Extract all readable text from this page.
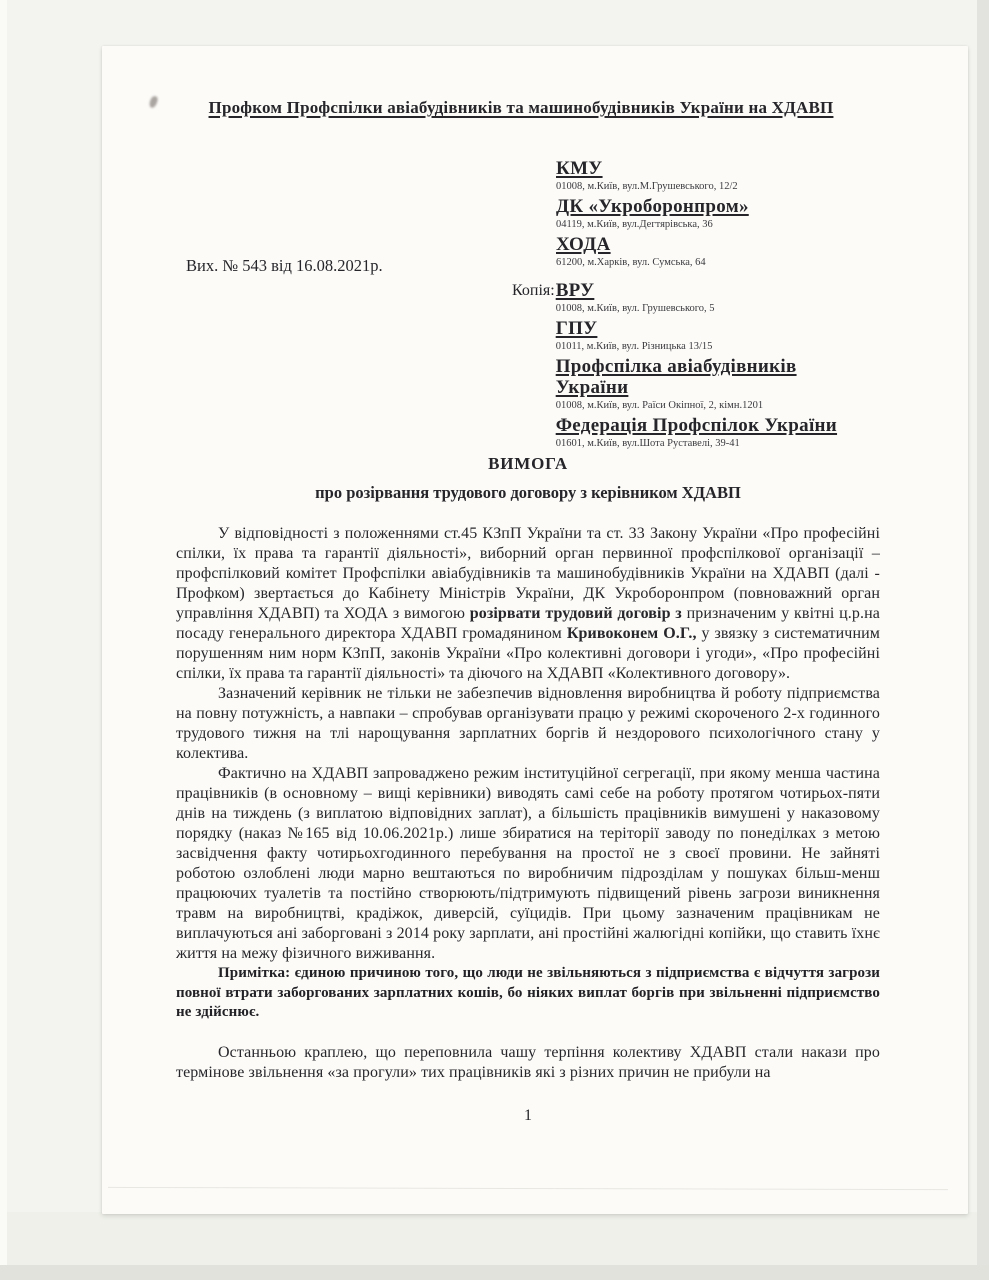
Профком Профспілки авіабудівників та машинобудівників України на ХДАВП
КМУ
01008, м.Київ, вул.М.Грушевського, 12/2
ДК «Укроборонпром»
04119, м.Київ, вул.Дегтярівська, 36
ХОДА
61200, м.Харків, вул. Сумська, 64
Вих. № 543 від 16.08.2021р.
Копія: ВРУ
01008, м.Київ, вул. Грушевського, 5
ГПУ
01011, м.Київ, вул. Різницька 13/15
Профспілка авіабудівників
України
01008, м.Київ, вул. Раїси Окіпної, 2, кімн.1201
Федерація Профспілок України
01601, м.Київ, вул.Шота Руставелі, 39-41
ВИМОГА
про розірвання трудового договору з керівником ХДАВП

У відповідності з положеннями ст.45 КЗпП України та ст. 33 Закону України «Про професійні спілки, їх права та гарантії діяльності», виборний орган первинної профспілкової організації – профспілковий комітет Профспілки авіабудівників та машинобудівників України на ХДАВП (далі - Профком) звертається до Кабінету Міністрів України, ДК Укроборонпром (повноважний орган управління ХДАВП) та ХОДА з вимогою розірвати трудовий договір з призначеним у квітні ц.р.на посаду генерального директора ХДАВП громадянином Кривоконем О.Г., у звязку з систематичним порушенням ним норм КЗпП, законів України «Про колективні договори і угоди», «Про професійні спілки, їх права та гарантії діяльності» та діючого на ХДАВП «Колективного договору».

Зазначений керівник не тільки не забезпечив відновлення виробництва й роботу підприємства на повну потужність, а навпаки – спробував організувати працю у режимі скороченого 2-х годинного трудового тижня на тлі нарощування зарплатних боргів й нездорового психологічного стану у колектива.

Фактично на ХДАВП запроваджено режим інституційної сегрегації, при якому менша частина працівників (в основному – вищі керівники) виводять самі себе на роботу протягом чотирьох-пяти днів на тиждень (з виплатою відповідних заплат), а більшість працівників вимушені у наказовому порядку (наказ №165 від 10.06.2021р.) лише збиратися на теріторії заводу по понеділках з метою засвідчення факту чотирьохгодинного перебування на простої не з своєї провини. Не зайняті роботою озлоблені люди марно вештаються по виробничим підрозділам у пошуках більш-менш працюючих туалетів та постійно створюють/підтримують підвищений рівень загрози виникнення травм на виробництві, крадіжок, диверсій, суїцидів. При цьому зазначеним працівникам не виплачуються ані заборговані з 2014 року зарплати, ані простійні жалюгідні копійки, що ставить їхнє життя на межу фізичного виживання.

Примітка: єдиною причиною того, що люди не звільняються з підприємства є відчуття загрози повної втрати заборгованих зарплатних кошів, бо ніяких виплат боргів при звільненні підприємство не здійснює.

Останньою краплею, що переповнила чашу терпіння колективу ХДАВП стали накази про термінове звільнення «за прогули» тих працівників які з різних причин не прибули на

1
